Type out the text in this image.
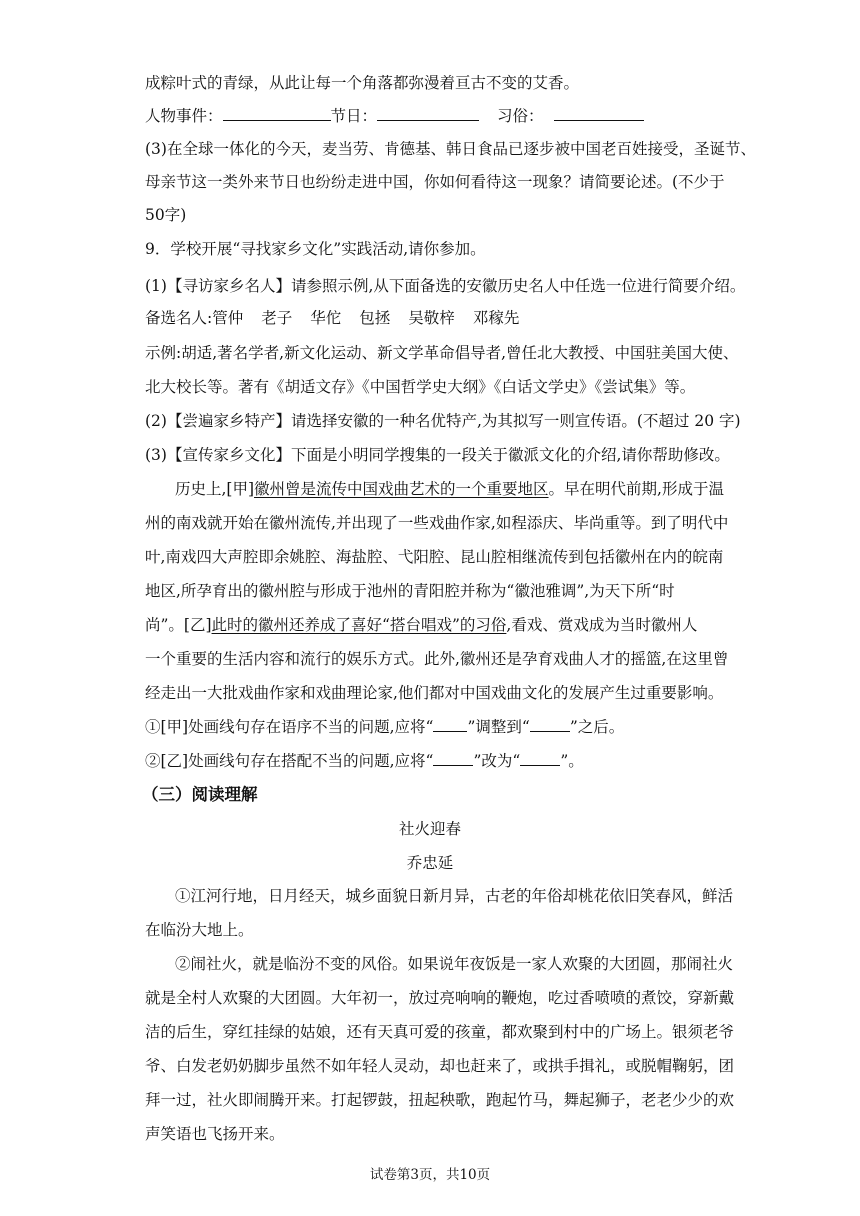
成粽叶式的青绿，从此让每一个角落都弥漫着亘古不变的艾香。
人物事件：	节日：	习俗：
(3)在全球一体化的今天，麦当劳、肯德基、韩日食品已逐步被中国老百姓接受，圣诞节、
母亲节这一类外来节日也纷纷走进中国，你如何看待这一现象？请简要论述。(不少于
50字)
9．学校开展“寻找家乡文化”实践活动,请你参加。
(1)【寻访家乡名人】请参照示例,从下面备选的安徽历史名人中任选一位进行简要介绍。
备选名人:管仲 老子 华佗 包拯 吴敬梓 邓稼先
示例:胡适,著名学者,新文化运动、新文学革命倡导者,曾任北大教授、中国驻美国大使、
北大校长等。著有《胡适文存》《中国哲学史大纲》《白话文学史》《尝试集》等。
(2)【尝遍家乡特产】请选择安徽的一种名优特产,为其拟写一则宣传语。(不超过 20 字)
(3)【宣传家乡文化】下面是小明同学搜集的一段关于徽派文化的介绍,请你帮助修改。
历史上,[甲]徽州曾是流传中国戏曲艺术的一个重要地区。早在明代前期,形成于温
州的南戏就开始在徽州流传,并出现了一些戏曲作家,如程添庆、毕尚重等。到了明代中
叶,南戏四大声腔即余姚腔、海盐腔、弋阳腔、昆山腔相继流传到包括徽州在内的皖南
地区,所孕育出的徽州腔与形成于池州的青阳腔并称为“徽池雅调”,为天下所“时
尚”。[乙]此时的徽州还养成了喜好“搭台唱戏”的习俗,看戏、赏戏成为当时徽州人
一个重要的生活内容和流行的娱乐方式。此外,徽州还是孕育戏曲人才的摇篮,在这里曾
经走出一大批戏曲作家和戏曲理论家,他们都对中国戏曲文化的发展产生过重要影响。
①[甲]处画线句存在语序不当的问题,应将“ ”调整到“	”之后。
②[乙]处画线句存在搭配不当的问题,应将“	”改为“	”。
（三）阅读理解
社火迎春
乔忠延
①江河行地，日月经天，城乡面貌日新月异，古老的年俗却桃花依旧笑春风，鲜活
在临汾大地上。
②闹社火，就是临汾不变的风俗。如果说年夜饭是一家人欢聚的大团圆，那闹社火
就是全村人欢聚的大团圆。大年初一，放过亮响响的鞭炮，吃过香喷喷的煮饺，穿新戴
洁的后生，穿红挂绿的姑娘，还有天真可爱的孩童，都欢聚到村中的广场上。银须老爷
爷、白发老奶奶脚步虽然不如年轻人灵动，却也赶来了，或拱手揖礼，或脱帽鞠躬，团
拜一过，社火即闹腾开来。打起锣鼓，扭起秧歌，跑起竹马，舞起狮子，老老少少的欢
声笑语也飞扬开来。
试卷第3页，共10页
